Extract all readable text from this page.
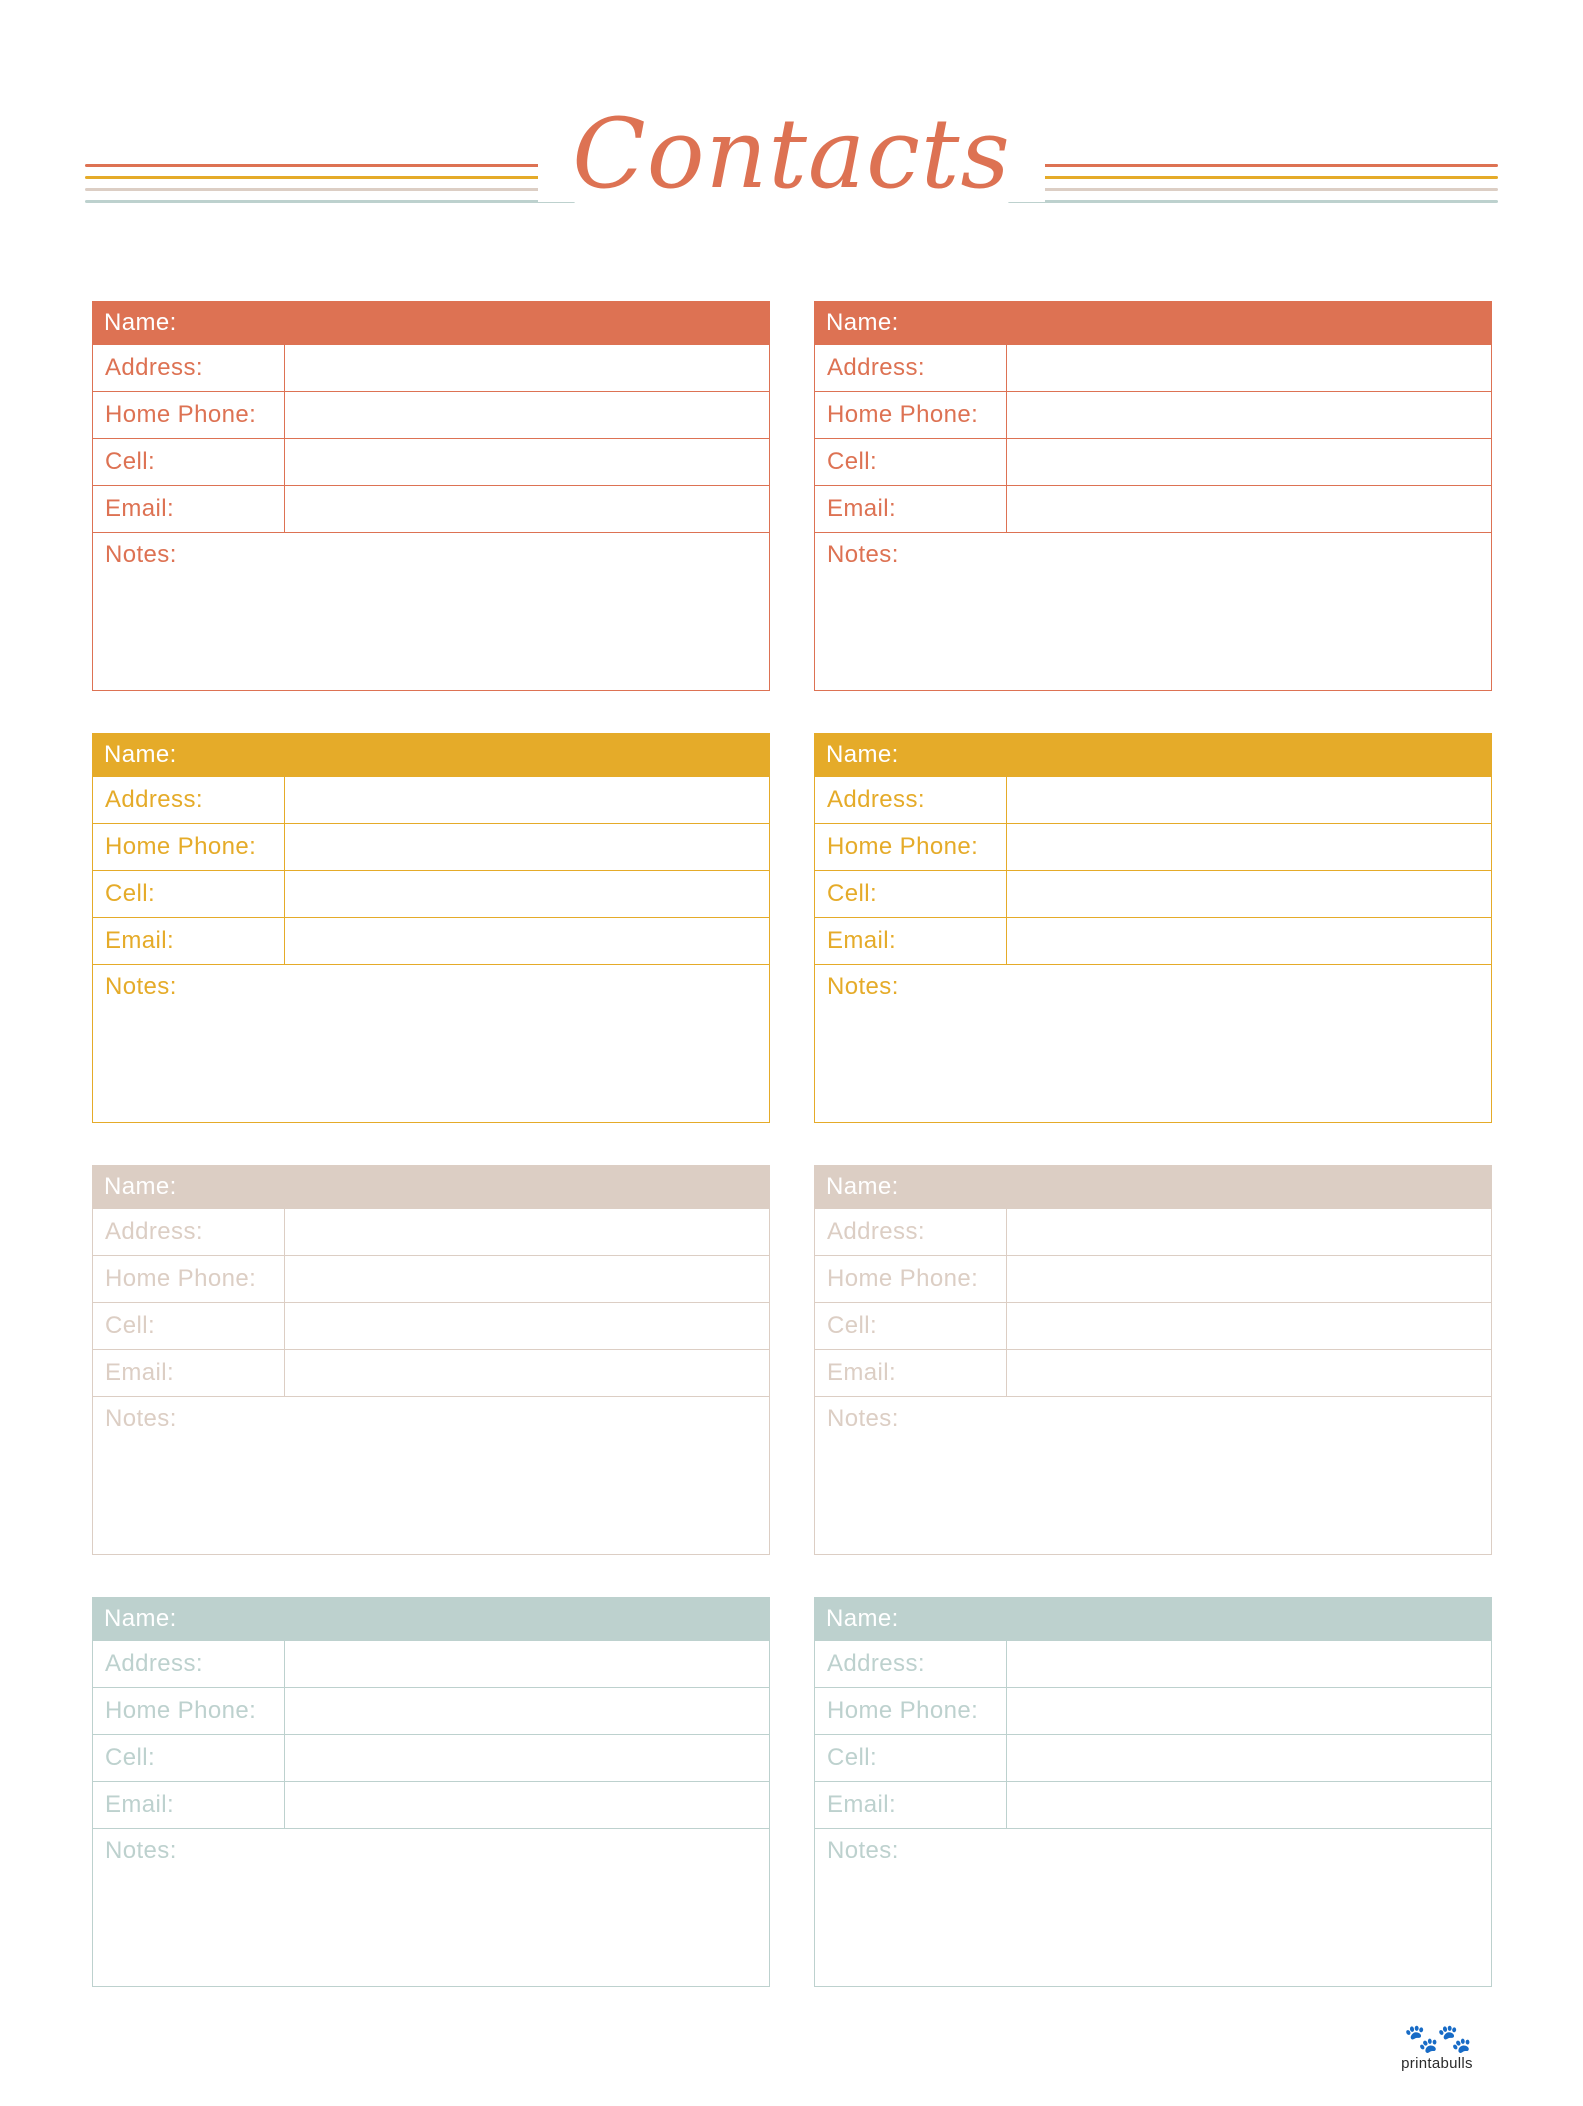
Contacts
Name:
Address:
Home Phone:
Cell:
Email:
Notes:
Name:
Address:
Home Phone:
Cell:
Email:
Notes:
Name:
Address:
Home Phone:
Cell:
Email:
Notes:
Name:
Address:
Home Phone:
Cell:
Email:
Notes:
Name:
Address:
Home Phone:
Cell:
Email:
Notes:
Name:
Address:
Home Phone:
Cell:
Email:
Notes:
Name:
Address:
Home Phone:
Cell:
Email:
Notes:
Name:
Address:
Home Phone:
Cell:
Email:
Notes:
🐾🐾
printabulls
